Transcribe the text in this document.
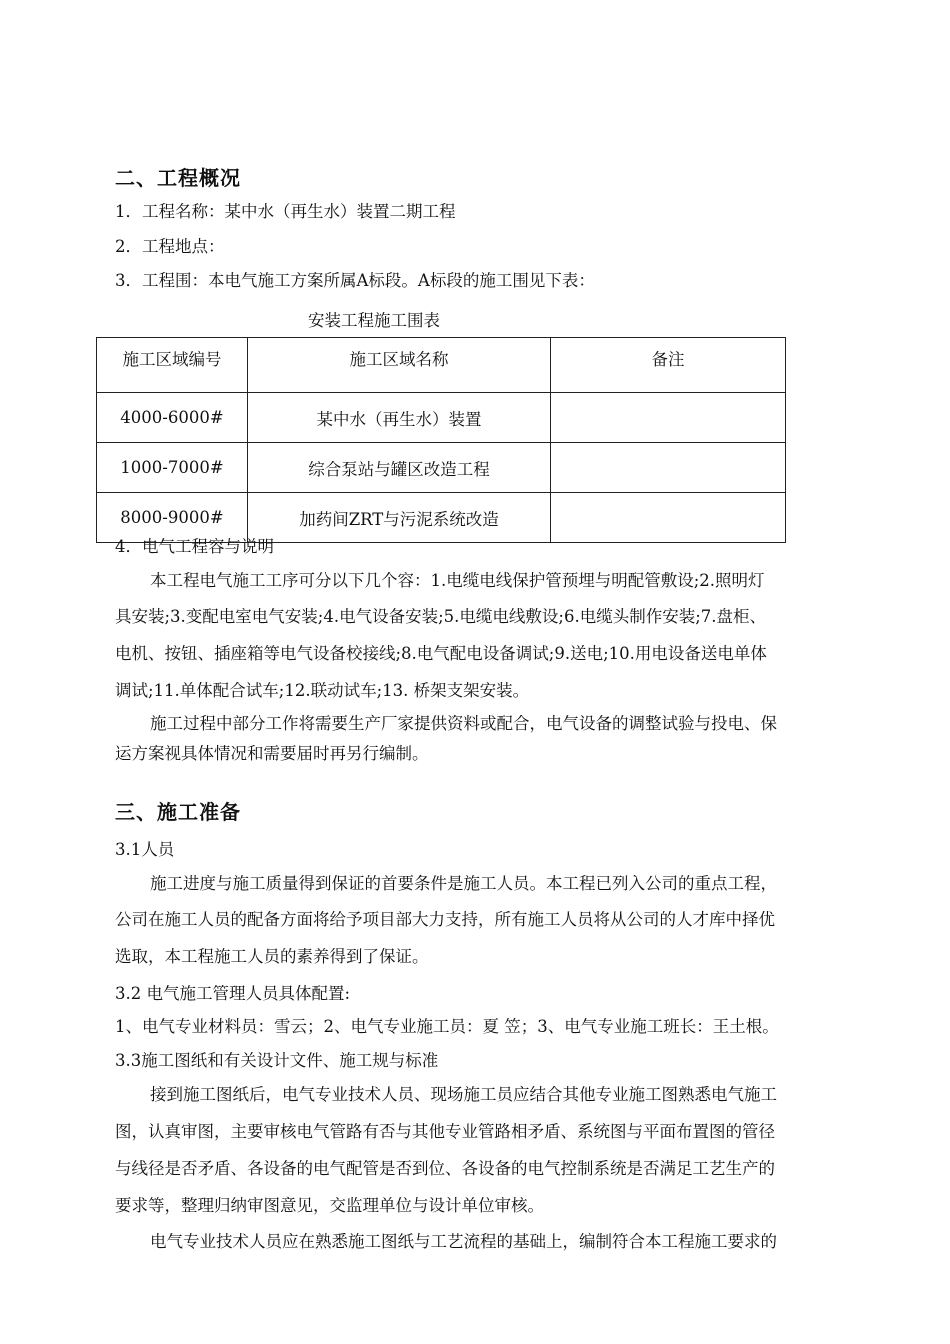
二、工程概况
1．工程名称：某中水（再生水）装置二期工程
2．工程地点：
3．工程围：本电气施工方案所属A标段。A标段的施工围见下表：
安装工程施工围表
施工区域编号	施工区域名称	备注
4000-6000#	某中水（再生水）装置	
1000-7000#	综合泵站与罐区改造工程	
8000-9000#	加药间ZRT与污泥系统改造	
4．电气工程容与说明
本工程电气施工工序可分以下几个容：1.电缆电线保护管预埋与明配管敷设;2.照明灯
具安装;3.变配电室电气安装;4.电气设备安装;5.电缆电线敷设;6.电缆头制作安装;7.盘柜、
电机、按钮、插座箱等电气设备校接线;8.电气配电设备调试;9.送电;10.用电设备送电单体
调试;11.单体配合试车;12.联动试车;13. 桥架支架安装。
施工过程中部分工作将需要生产厂家提供资料或配合，电气设备的调整试验与投电、保
运方案视具体情况和需要届时再另行编制。
三、施工准备
3.1人员
施工进度与施工质量得到保证的首要条件是施工人员。本工程已列入公司的重点工程，
公司在施工人员的配备方面将给予项目部大力支持，所有施工人员将从公司的人才库中择优
选取，本工程施工人员的素养得到了保证。
3.2 电气施工管理人员具体配置:
1、电气专业材料员：雪云；2、电气专业施工员：夏 笠；3、电气专业施工班长：王土根。
3.3施工图纸和有关设计文件、施工规与标准
接到施工图纸后，电气专业技术人员、现场施工员应结合其他专业施工图熟悉电气施工
图，认真审图，主要审核电气管路有否与其他专业管路相矛盾、系统图与平面布置图的管径
与线径是否矛盾、各设备的电气配管是否到位、各设备的电气控制系统是否满足工艺生产的
要求等，整理归纳审图意见，交监理单位与设计单位审核。
电气专业技术人员应在熟悉施工图纸与工艺流程的基础上，编制符合本工程施工要求的
